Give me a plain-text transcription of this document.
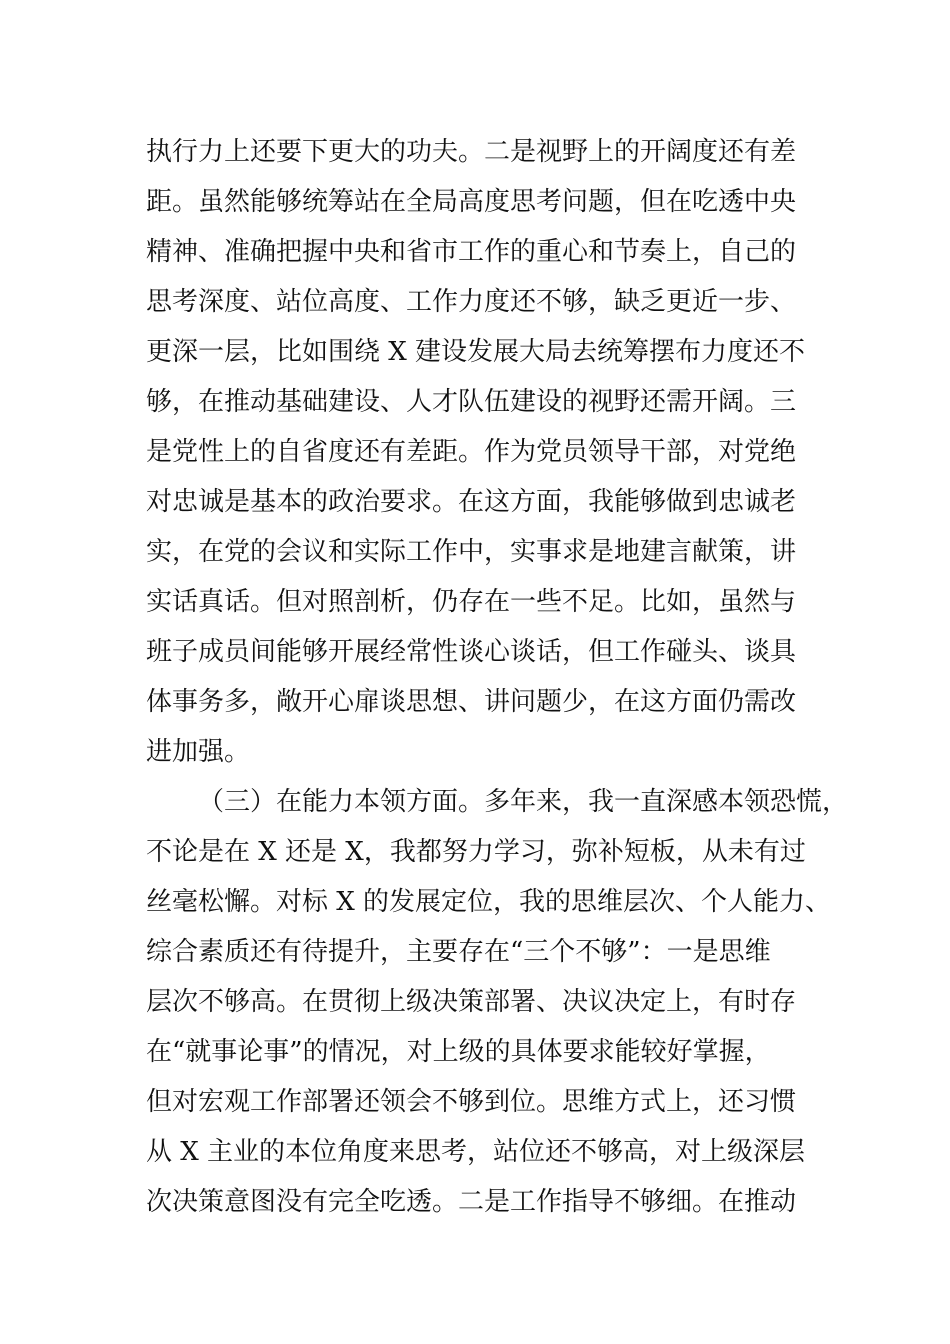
执行力上还要下更大的功夫。二是视野上的开阔度还有差
距。虽然能够统筹站在全局高度思考问题，但在吃透中央
精神、准确把握中央和省市工作的重心和节奏上，自己的
思考深度、站位高度、工作力度还不够，缺乏更近一步、
更深一层，比如围绕 X 建设发展大局去统筹摆布力度还不
够，在推动基础建设、人才队伍建设的视野还需开阔。三
是党性上的自省度还有差距。作为党员领导干部，对党绝
对忠诚是基本的政治要求。在这方面，我能够做到忠诚老
实，在党的会议和实际工作中，实事求是地建言献策，讲
实话真话。但对照剖析，仍存在一些不足。比如，虽然与
班子成员间能够开展经常性谈心谈话，但工作碰头、谈具
体事务多，敞开心扉谈思想、讲问题少，在这方面仍需改
进加强。
（三）在能力本领方面。多年来，我一直深感本领恐慌，
不论是在 X 还是 X，我都努力学习，弥补短板，从未有过
丝毫松懈。对标 X 的发展定位，我的思维层次、个人能力、
综合素质还有待提升，主要存在“三个不够”：一是思维
层次不够高。在贯彻上级决策部署、决议决定上，有时存
在“就事论事”的情况，对上级的具体要求能较好掌握，
但对宏观工作部署还领会不够到位。思维方式上，还习惯
从 X 主业的本位角度来思考，站位还不够高，对上级深层
次决策意图没有完全吃透。二是工作指导不够细。在推动
